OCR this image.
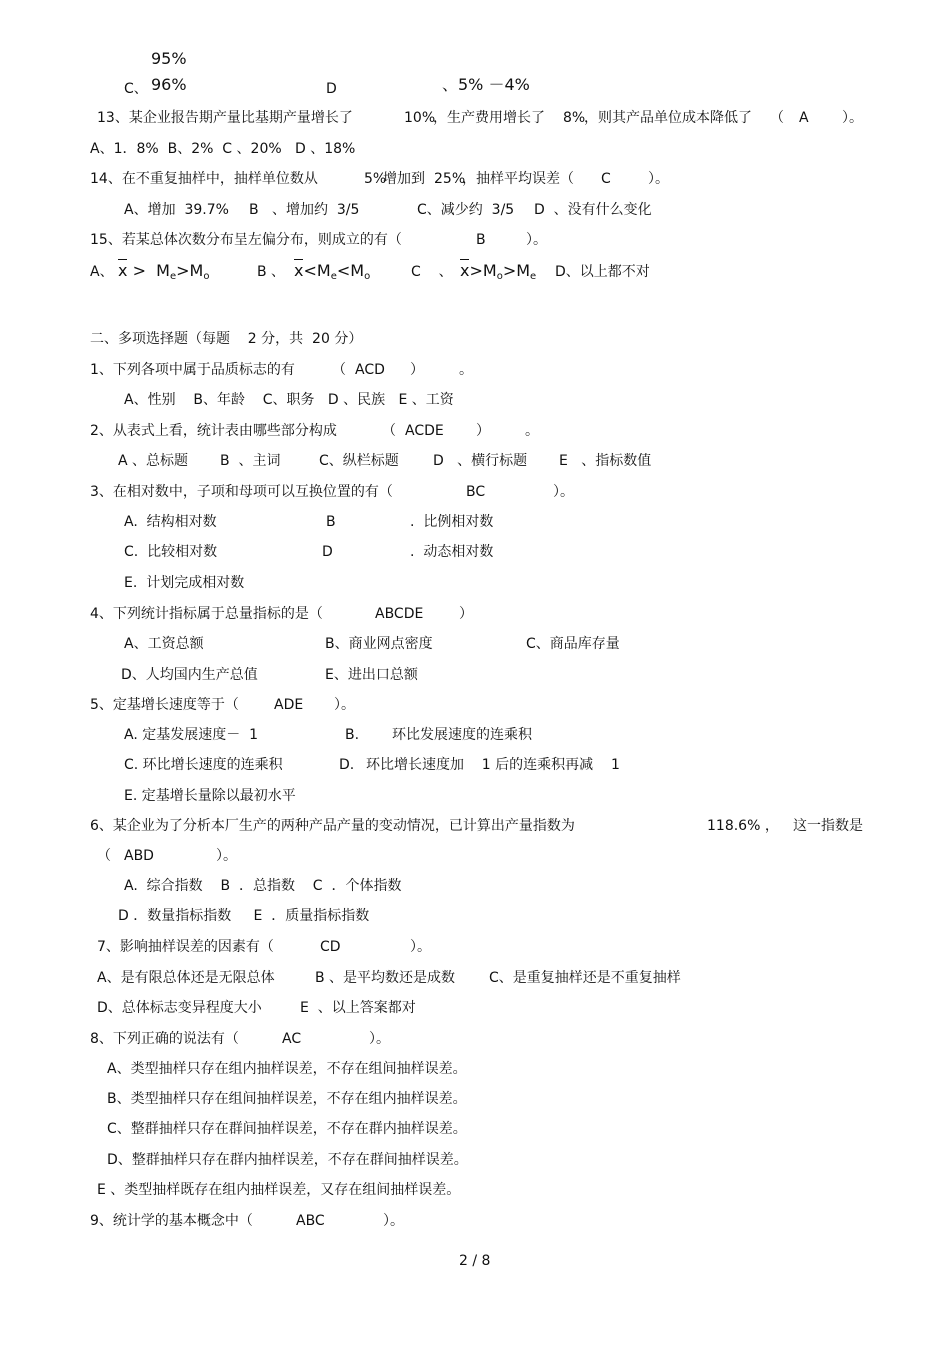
95%
C、 96%	D	、5% －4%
13、某企业报告期产量比基期产量增长了	10%
，生产费用增长了 8%
，则其产品单位成本降低了 （ A ）。
A、1．8%  B、2%  C 、20%   D 、18%
14、在不重复抽样中，抽样单位数从	5%
增加到 25%
，抽样平均误差（ C	）。
A、增加  39.7% B   、增加约  3/5	C、减少约  3/5 D  、没有什么变化
15、若某总体次数分布呈左偏分布，则成立的有（	B	）。
A、 x > Me>Mo	B 、 x<Me<Mo	C    、 x>Mo>Me D、以上都不对
二、多项选择题（每题    2 分，共  20 分）
1、下列各项中属于品质标志的有	（ ACD ）	。
A、性别    B、年龄    C、职务   D 、民族   E 、工资
2、从表式上看，统计表由哪些部分构成	（ ACDE ）	。
A 、总标题 B  、主词	C、纵栏标题 D   、横行标题 E   、指标数值
3、在相对数中，子项和母项可以互换位置的有（	BC	）。
A.  结构相对数	B	.  比例相对数
C.  比较相对数	D	.  动态相对数
E.  计划完成相对数
4、下列统计指标属于总量指标的是（	ABCDE	）
A、工资总额	B、商业网点密度	C、商品库存量
D、人均国内生产总值	E、进出口总额
5、定基增长速度等于（	ADE ）。
A. 定基发展速度－  1	B. 环比发展速度的连乘积
C. 环比增长速度的连乘积	D. 环比增长速度加    1 后的连乘积再减    1
E. 定基增长量除以最初水平
6、某企业为了分析本厂生产的两种产品产量的变动情况，已计算出产量指数为	118.6% ， 这一指数是
（ ABD	）。
A.  综合指数    B  ．总指数    C  ．个体指数
D ．数量指标指数     E  ．质量指标指数
7、影响抽样误差的因素有（	CD	）。
A、是有限总体还是无限总体	B 、是平均数还是成数 C、是重复抽样还是不重复抽样
D、总体标志变异程度大小	E  、以上答案都对
8、下列正确的说法有（	AC	）。
A、类型抽样只存在组内抽样误差，不存在组间抽样误差。
B、类型抽样只存在组间抽样误差，不存在组内抽样误差。
C、整群抽样只存在群间抽样误差，不存在群内抽样误差。
D、整群抽样只存在群内抽样误差，不存在群间抽样误差。
E 、类型抽样既存在组内抽样误差，又存在组间抽样误差。
9、统计学的基本概念中（	ABC	）。
2 / 8
